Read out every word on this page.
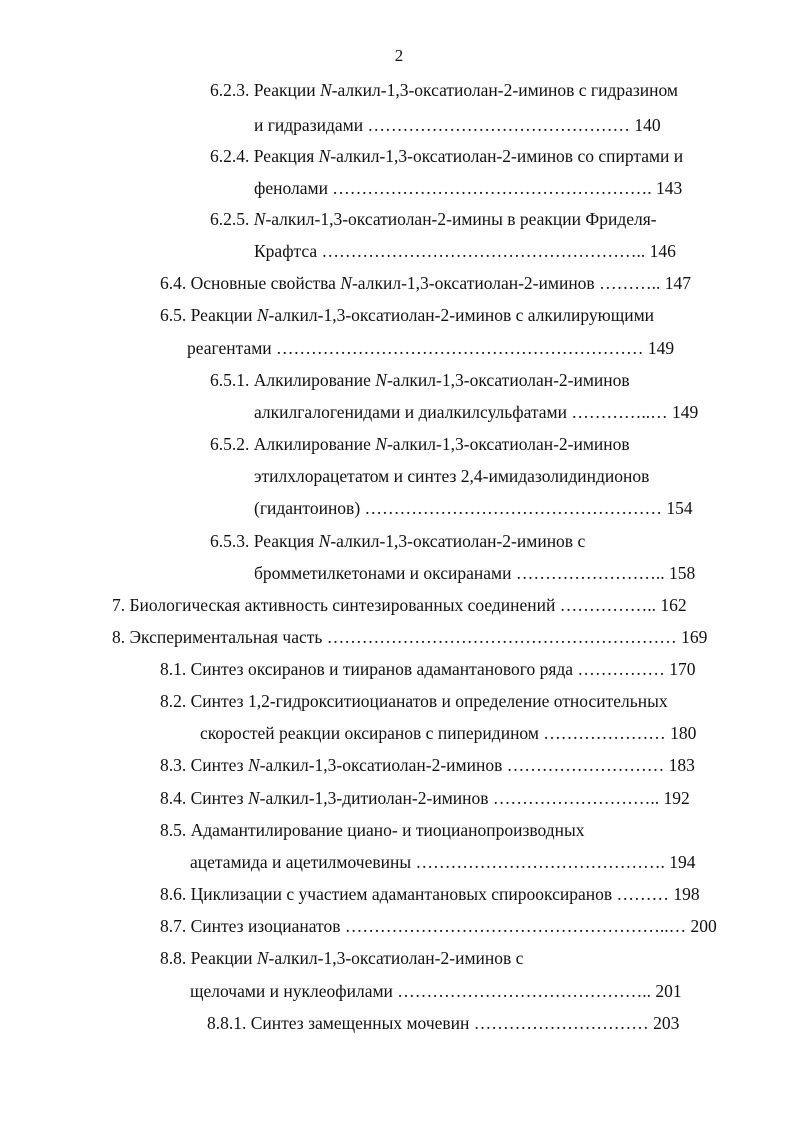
2
6.2.3. Реакции N-алкил-1,3-оксатиолан-2-иминов с гидразином
и гидразидами ……………………………………… 140
6.2.4. Реакция N-алкил-1,3-оксатиолан-2-иминов со спиртами и
фенолами ………………………………………………. 143
6.2.5. N-алкил-1,3-оксатиолан-2-имины в реакции Фриделя-
Крафтса ……………………………………………….. 146
6.4. Основные свойства N-алкил-1,3-оксатиолан-2-иминов ……….. 147
6.5. Реакции N-алкил-1,3-оксатиолан-2-иминов с алкилирующими
реагентами ……………………………………………………… 149
6.5.1. Алкилирование N-алкил-1,3-оксатиолан-2-иминов
алкилгалогенидами и диалкилсульфатами …………..… 149
6.5.2. Алкилирование N-алкил-1,3-оксатиолан-2-иминов
этилхлорацетатом и синтез 2,4-имидазолидиндионов
(гидантоинов) …………………………………………… 154
6.5.3. Реакция N-алкил-1,3-оксатиолан-2-иминов с
бромметилкетонами и оксиранами …………………….. 158
7. Биологическая активность синтезированных соединений …………….. 162
8. Экспериментальная часть …………………………………………………… 169
8.1. Синтез оксиранов и тииранов адамантанового ряда …………… 170
8.2. Синтез 1,2-гидрокситиоцианатов и определение относительных
скоростей реакции оксиранов с пиперидином ………………… 180
8.3. Синтез N-алкил-1,3-оксатиолан-2-иминов ……………………… 183
8.4. Синтез N-алкил-1,3-дитиолан-2-иминов ……………………….. 192
8.5. Адамантилирование циано- и тиоцианопроизводных
ацетамида и ацетилмочевины ……………………………………. 194
8.6. Циклизации с участием адамантановых спирооксиранов ……… 198
8.7. Синтез изоцианатов ………………………………………………..… 200
8.8. Реакции N-алкил-1,3-оксатиолан-2-иминов с
щелочами и нуклеофилами …………………………………….. 201
8.8.1. Синтез замещенных мочевин ………………………… 203
